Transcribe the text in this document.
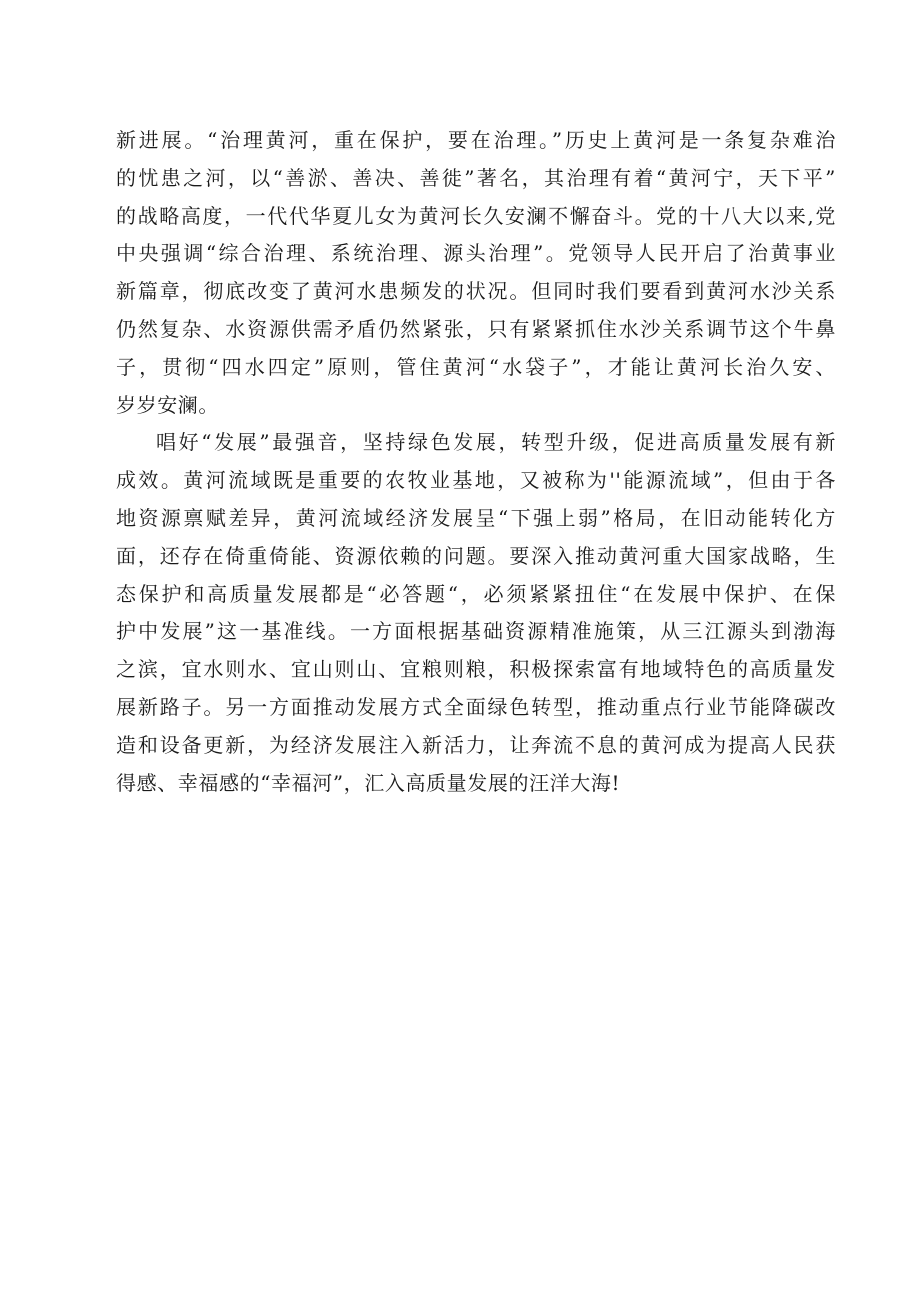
新进展。“治理黄河，重在保护，要在治理。”历史上黄河是一条复杂难治
的忧患之河，以“善淤、善决、善徙”著名，其治理有着“黄河宁，天下平”
的战略高度，一代代华夏儿女为黄河长久安澜不懈奋斗。党的十八大以来,党
中央强调“综合治理、系统治理、源头治理”。党领导人民开启了治黄事业
新篇章，彻底改变了黄河水患频发的状况。但同时我们要看到黄河水沙关系
仍然复杂、水资源供需矛盾仍然紧张，只有紧紧抓住水沙关系调节这个牛鼻
子，贯彻“四水四定”原则，管住黄河“水袋子”，才能让黄河长治久安、
岁岁安澜。

唱好“发展”最强音，坚持绿色发展，转型升级，促进高质量发展有新
成效。黄河流域既是重要的农牧业基地，又被称为''能源流域”，但由于各
地资源禀赋差异，黄河流域经济发展呈“下强上弱”格局，在旧动能转化方
面，还存在倚重倚能、资源依赖的问题。要深入推动黄河重大国家战略，生
态保护和高质量发展都是“必答题“，必须紧紧扭住“在发展中保护、在保
护中发展”这一基准线。一方面根据基础资源精准施策，从三江源头到渤海
之滨，宜水则水、宜山则山、宜粮则粮，积极探索富有地域特色的高质量发
展新路子。另一方面推动发展方式全面绿色转型，推动重点行业节能降碳改
造和设备更新，为经济发展注入新活力，让奔流不息的黄河成为提高人民获
得感、幸福感的“幸福河”，汇入高质量发展的汪洋大海!
